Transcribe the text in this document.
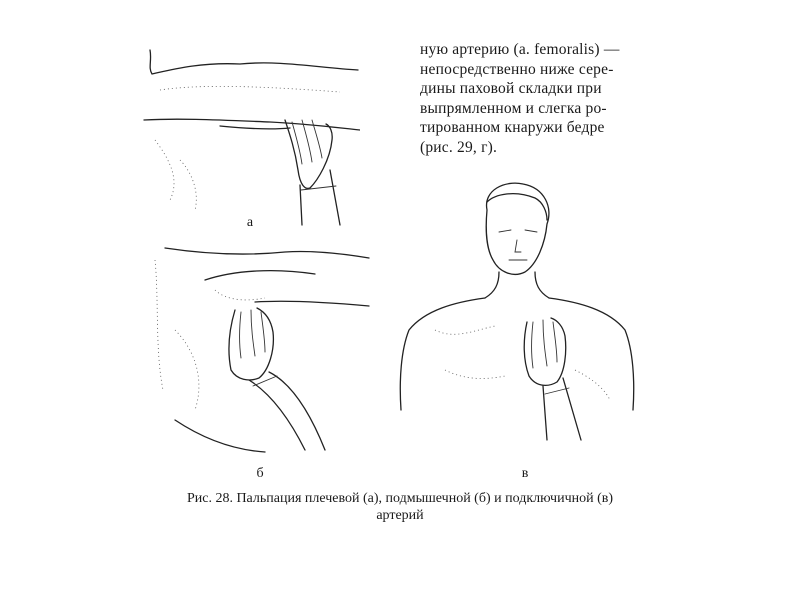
ную артерию (a. femoralis) —
непосредственно ниже сере-
дины паховой складки при
выпрямленном и слегка ро-
тированном кнаружи бедре
(рис. 29, г).
а
б	в
Рис. 28. Пальпация плечевой (а), подмышечной (б) и подключичной (в)
артерий
